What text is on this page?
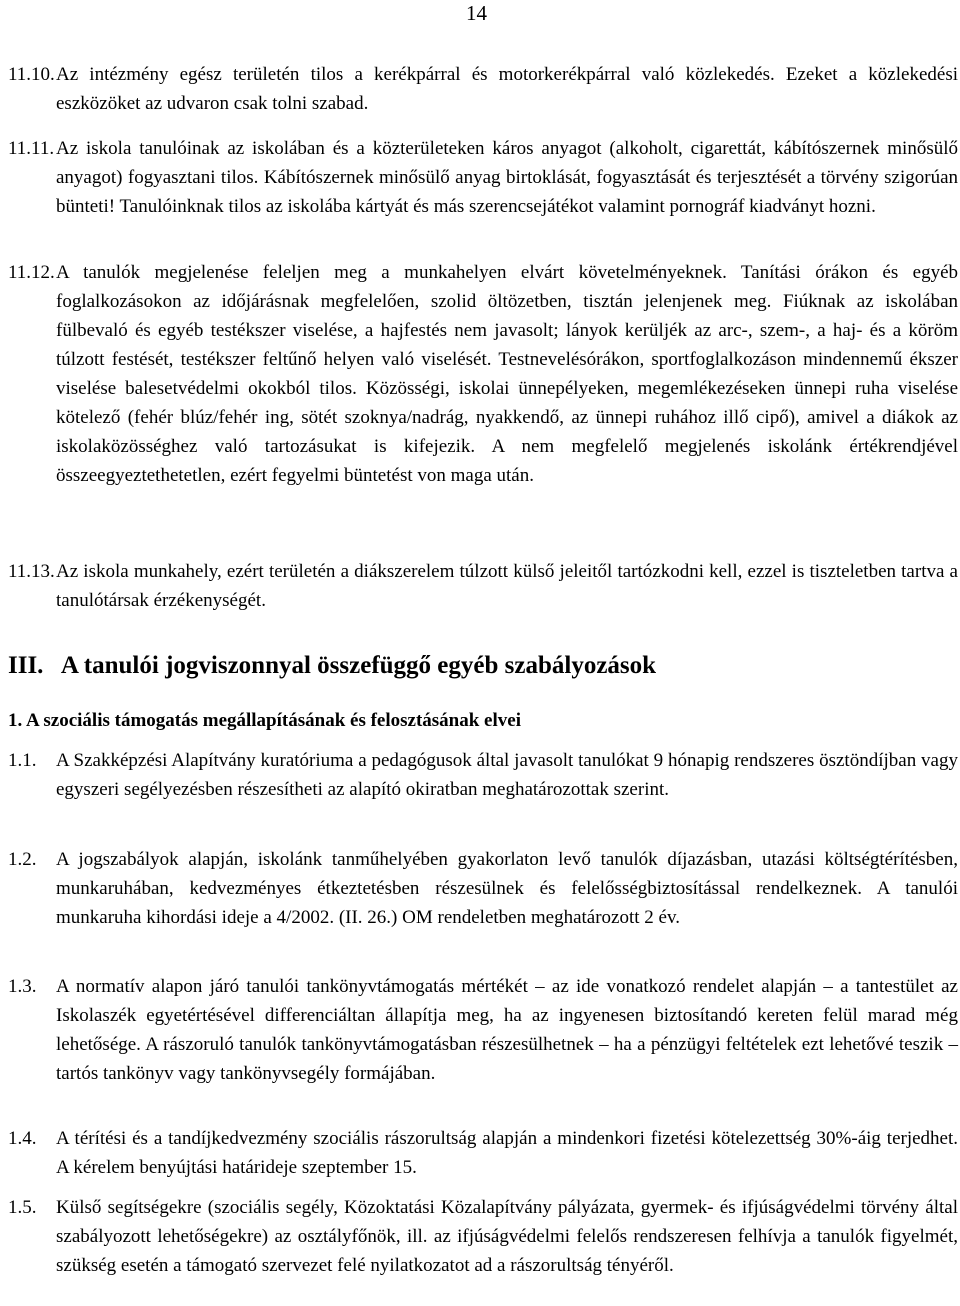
14
11.10. Az intézmény egész területén tilos a kerékpárral és motorkerékpárral való közlekedés. Ezeket a közlekedési eszközöket az udvaron csak tolni szabad.
11.11. Az iskola tanulóinak az iskolában és a közterületeken káros anyagot (alkoholt, cigarettát, kábítószernek minősülő anyagot) fogyasztani tilos. Kábítószernek minősülő anyag birtoklását, fogyasztását és terjesztését a törvény szigorúan bünteti! Tanulóinknak tilos az iskolába kártyát és más szerencsejátékot valamint pornográf kiadványt hozni.
11.12. A tanulók megjelenése feleljen meg a munkahelyen elvárt követelményeknek. Tanítási órákon és egyéb foglalkozásokon az időjárásnak megfelelően, szolid öltözetben, tisztán jelenjenek meg. Fiúknak az iskolában fülbevaló és egyéb testékszer viselése, a hajfestés nem javasolt; lányok kerüljék az arc-, szem-, a haj- és a köröm túlzott festését, testékszer feltűnő helyen való viselését. Testnevelésórákon, sportfoglalkozáson mindennemű ékszer viselése balesetvédelmi okokból tilos. Közösségi, iskolai ünnepélyeken, megemlékezéseken ünnepi ruha viselése kötelező (fehér blúz/fehér ing, sötét szoknya/nadrág, nyakkendő, az ünnepi ruhához illő cipő), amivel a diákok az iskolaközösséghez való tartozásukat is kifejezik. A nem megfelelő megjelenés iskolánk értékrendjével összeegyeztethetetlen, ezért fegyelmi büntetést von maga után.
11.13. Az iskola munkahely, ezért területén a diákszerelem túlzott külső jeleitől tartózkodni kell, ezzel is tiszteletben tartva a tanulótársak érzékenységét.
III. A tanulói jogviszonnyal összefüggő egyéb szabályozások
1. A szociális támogatás megállapításának és felosztásának elvei
1.1.	A Szakképzési Alapítvány kuratóriuma a pedagógusok által javasolt tanulókat 9 hónapig rendszeres ösztöndíjban vagy egyszeri segélyezésben részesítheti az alapító okiratban meghatározottak szerint.
1.2.	A jogszabályok alapján, iskolánk tanműhelyében gyakorlaton levő tanulók díjazásban, utazási költségtérítésben, munkaruhában, kedvezményes étkeztetésben részesülnek és felelősségbiztosítással rendelkeznek. A tanulói munkaruha kihordási ideje a 4/2002. (II. 26.) OM rendeletben meghatározott 2 év.
1.3.	A normatív alapon járó tanulói tankönyvtámogatás mértékét – az ide vonatkozó rendelet alapján – a tantestület az Iskolaszék egyetértésével differenciáltan állapítja meg, ha az ingyenesen biztosítandó kereten felül marad még lehetősége. A rászoruló tanulók tankönyvtámogatásban részesülhetnek – ha a pénzügyi feltételek ezt lehetővé teszik – tartós tankönyv vagy tankönyvsegély formájában.
1.4.	A térítési és a tandíjkedvezmény szociális rászorultság alapján a mindenkori fizetési kötelezettség 30%-áig terjedhet. A kérelem benyújtási határideje szeptember 15.
1.5.	Külső segítségekre (szociális segély, Közoktatási Közalapítvány pályázata, gyermek- és ifjúságvédelmi törvény által szabályozott lehetőségekre) az osztályfőnök, ill. az ifjúságvédelmi felelős rendszeresen felhívja a tanulók figyelmét, szükség esetén a támogató szervezet felé nyilatkozatot ad a rászorultság tényéről.
